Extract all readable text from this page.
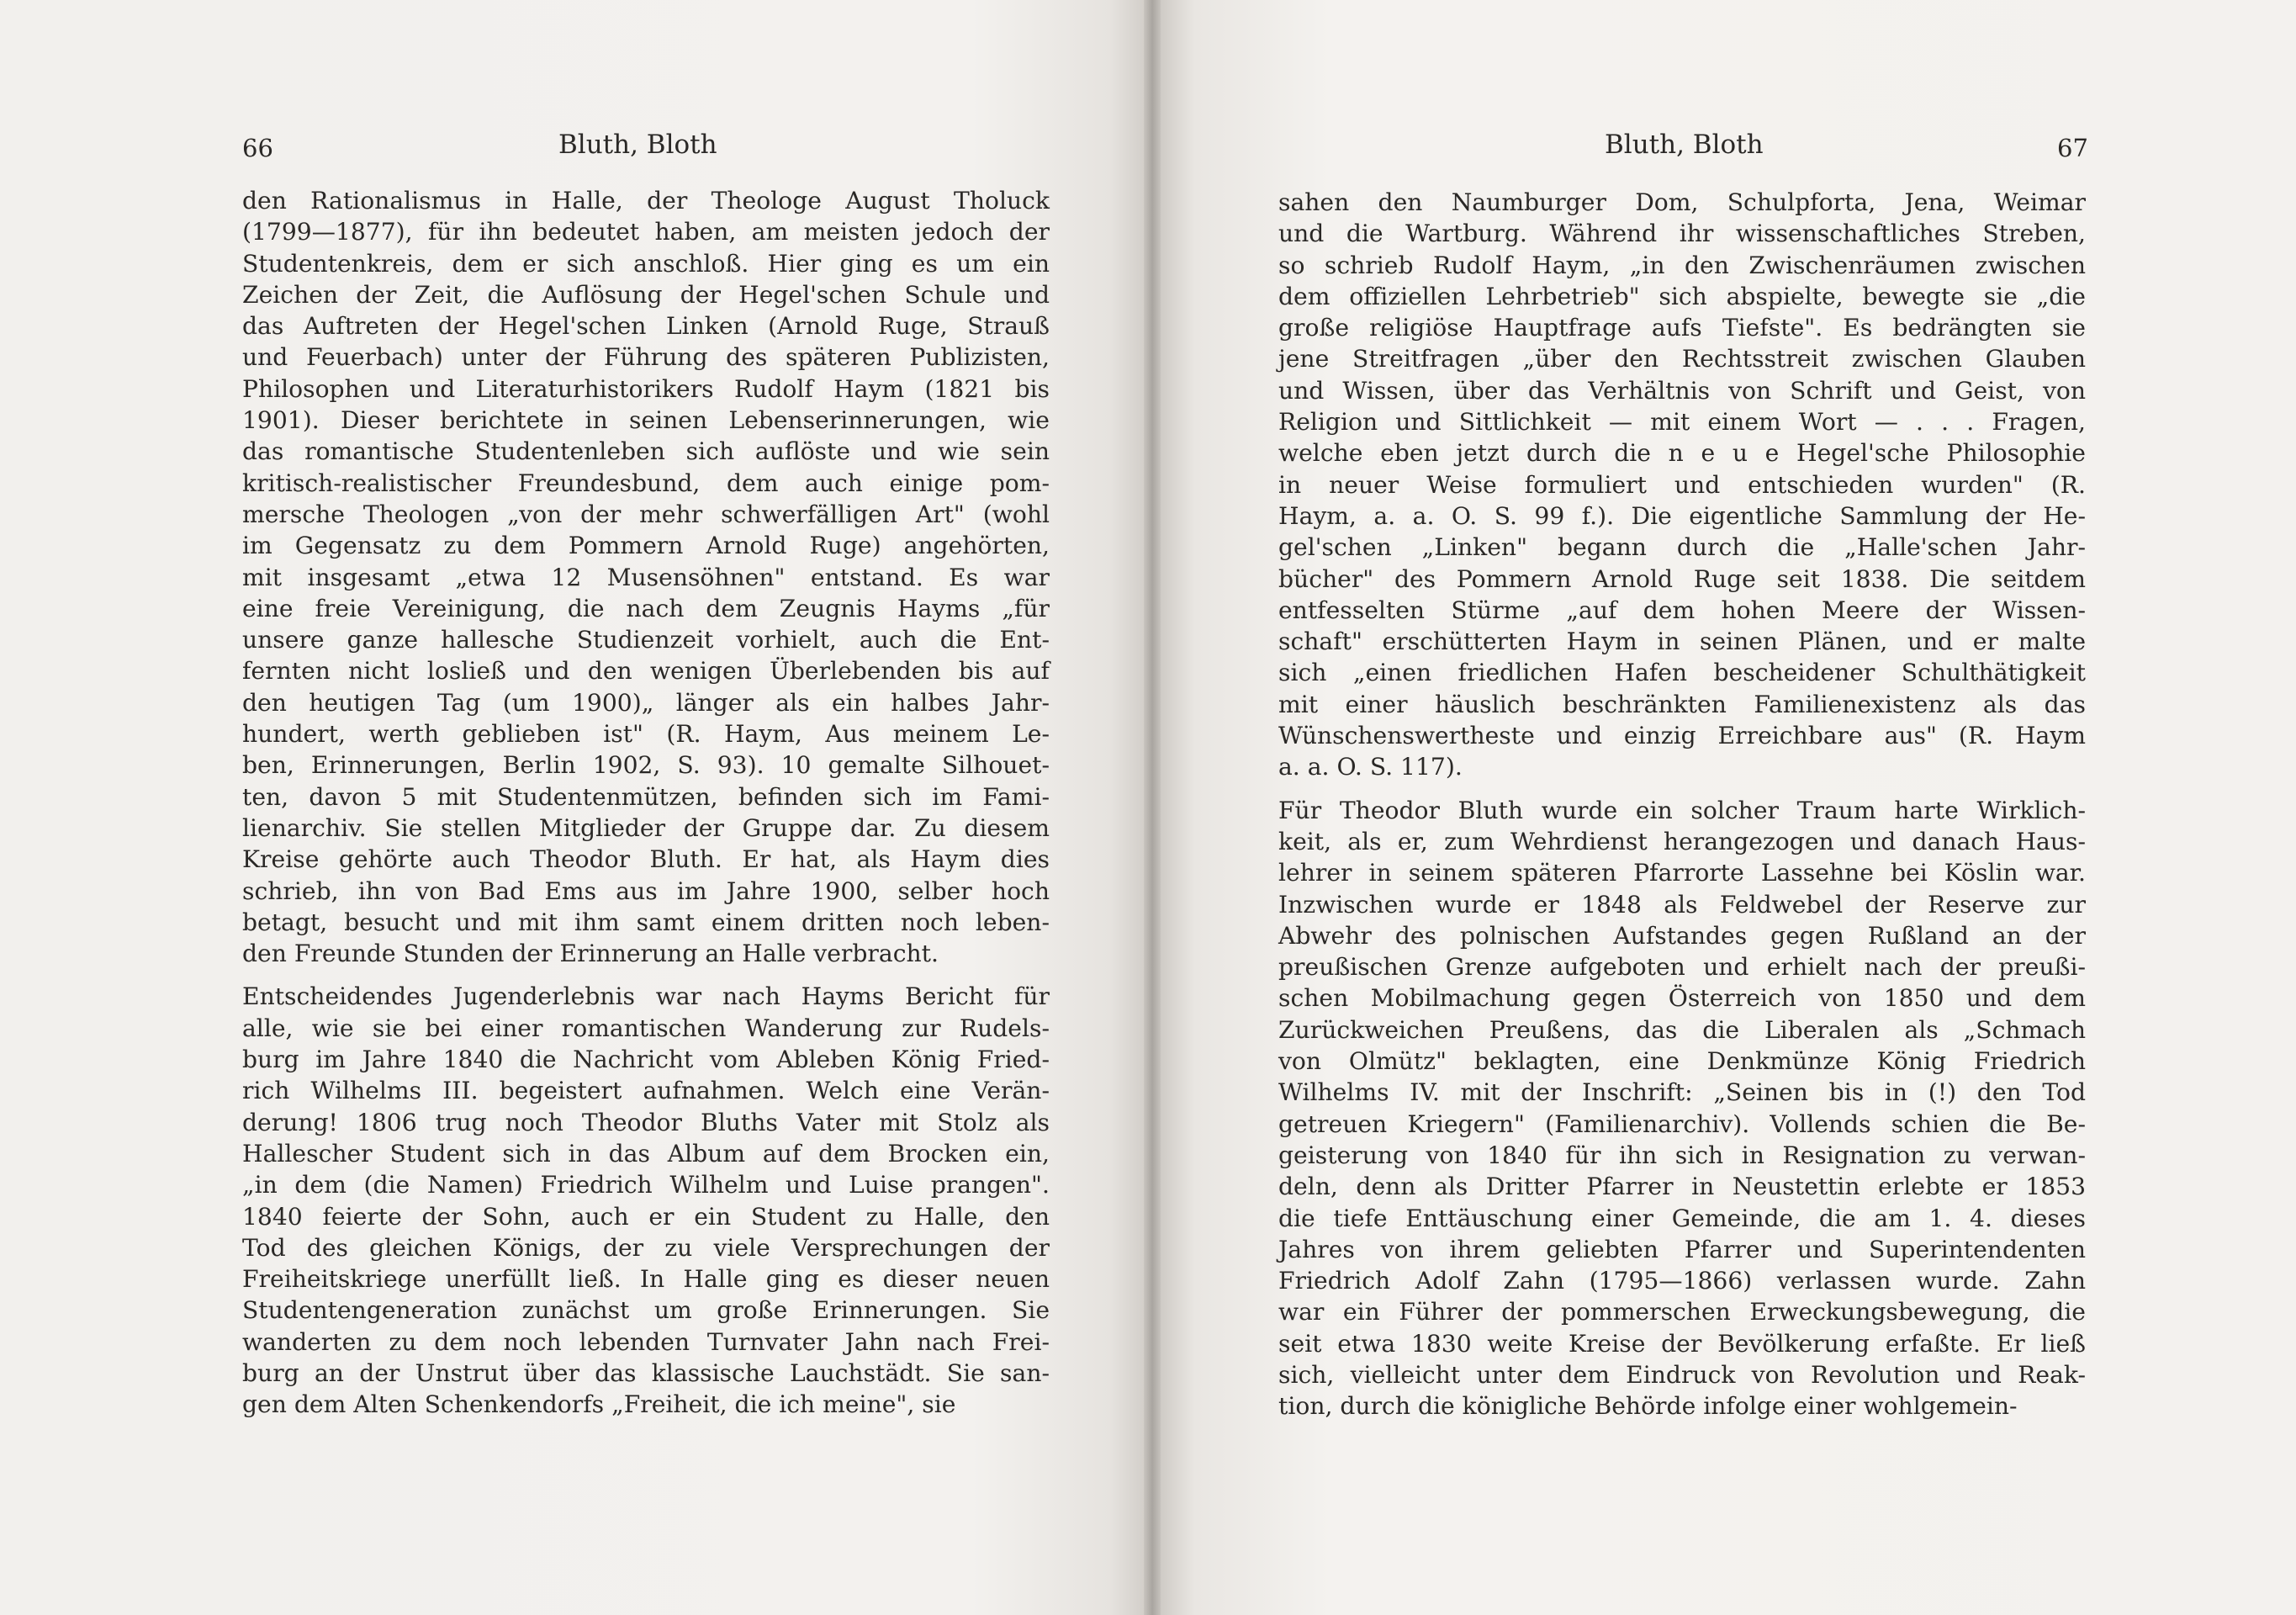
66	Bluth, Bloth
den Rationalismus in Halle, der Theologe August Tholuck
(1799—1877), für ihn bedeutet haben, am meisten jedoch der
Studentenkreis, dem er sich anschloß. Hier ging es um ein
Zeichen der Zeit, die Auflösung der Hegel'schen Schule und
das Auftreten der Hegel'schen Linken (Arnold Ruge, Strauß
und Feuerbach) unter der Führung des späteren Publizisten,
Philosophen und Literaturhistorikers Rudolf Haym (1821 bis
1901). Dieser berichtete in seinen Lebenserinnerungen, wie
das romantische Studentenleben sich auflöste und wie sein
kritisch-realistischer Freundesbund, dem auch einige pom-
mersche Theologen „von der mehr schwerfälligen Art" (wohl
im Gegensatz zu dem Pommern Arnold Ruge) angehörten,
mit insgesamt „etwa 12 Musensöhnen" entstand. Es war
eine freie Vereinigung, die nach dem Zeugnis Hayms „für
unsere ganze hallesche Studienzeit vorhielt, auch die Ent-
fernten nicht losließ und den wenigen Überlebenden bis auf
den heutigen Tag (um 1900)„ länger als ein halbes Jahr-
hundert, werth geblieben ist" (R. Haym, Aus meinem Le-
ben, Erinnerungen, Berlin 1902, S. 93). 10 gemalte Silhouet-
ten, davon 5 mit Studentenmützen, befinden sich im Fami-
lienarchiv. Sie stellen Mitglieder der Gruppe dar. Zu diesem
Kreise gehörte auch Theodor Bluth. Er hat, als Haym dies
schrieb, ihn von Bad Ems aus im Jahre 1900, selber hoch
betagt, besucht und mit ihm samt einem dritten noch leben-
den Freunde Stunden der Erinnerung an Halle verbracht.
Entscheidendes Jugenderlebnis war nach Hayms Bericht für
alle, wie sie bei einer romantischen Wanderung zur Rudels-
burg im Jahre 1840 die Nachricht vom Ableben König Fried-
rich Wilhelms III. begeistert aufnahmen. Welch eine Verän-
derung! 1806 trug noch Theodor Bluths Vater mit Stolz als
Hallescher Student sich in das Album auf dem Brocken ein,
„in dem (die Namen) Friedrich Wilhelm und Luise prangen".
1840 feierte der Sohn, auch er ein Student zu Halle, den
Tod des gleichen Königs, der zu viele Versprechungen der
Freiheitskriege unerfüllt ließ. In Halle ging es dieser neuen
Studentengeneration zunächst um große Erinnerungen. Sie
wanderten zu dem noch lebenden Turnvater Jahn nach Frei-
burg an der Unstrut über das klassische Lauchstädt. Sie san-
gen dem Alten Schenkendorfs „Freiheit, die ich meine", sie
Bluth, Bloth	67
sahen den Naumburger Dom, Schulpforta, Jena, Weimar
und die Wartburg. Während ihr wissenschaftliches Streben,
so schrieb Rudolf Haym, „in den Zwischenräumen zwischen
dem offiziellen Lehrbetrieb" sich abspielte, bewegte sie „die
große religiöse Hauptfrage aufs Tiefste". Es bedrängten sie
jene Streitfragen „über den Rechtsstreit zwischen Glauben
und Wissen, über das Verhältnis von Schrift und Geist, von
Religion und Sittlichkeit — mit einem Wort — . . . Fragen,
welche eben jetzt durch die n e u e Hegel'sche Philosophie
in neuer Weise formuliert und entschieden wurden" (R.
Haym, a. a. O. S. 99 f.). Die eigentliche Sammlung der He-
gel'schen „Linken" begann durch die „Halle'schen Jahr-
bücher" des Pommern Arnold Ruge seit 1838. Die seitdem
entfesselten Stürme „auf dem hohen Meere der Wissen-
schaft" erschütterten Haym in seinen Plänen, und er malte
sich „einen friedlichen Hafen bescheidener Schulthätigkeit
mit einer häuslich beschränkten Familienexistenz als das
Wünschenswertheste und einzig Erreichbare aus" (R. Haym
a. a. O. S. 117).
Für Theodor Bluth wurde ein solcher Traum harte Wirklich-
keit, als er, zum Wehrdienst herangezogen und danach Haus-
lehrer in seinem späteren Pfarrorte Lassehne bei Köslin war.
Inzwischen wurde er 1848 als Feldwebel der Reserve zur
Abwehr des polnischen Aufstandes gegen Rußland an der
preußischen Grenze aufgeboten und erhielt nach der preußi-
schen Mobilmachung gegen Österreich von 1850 und dem
Zurückweichen Preußens, das die Liberalen als „Schmach
von Olmütz" beklagten, eine Denkmünze König Friedrich
Wilhelms IV. mit der Inschrift: „Seinen bis in (!) den Tod
getreuen Kriegern" (Familienarchiv). Vollends schien die Be-
geisterung von 1840 für ihn sich in Resignation zu verwan-
deln, denn als Dritter Pfarrer in Neustettin erlebte er 1853
die tiefe Enttäuschung einer Gemeinde, die am 1. 4. dieses
Jahres von ihrem geliebten Pfarrer und Superintendenten
Friedrich Adolf Zahn (1795—1866) verlassen wurde. Zahn
war ein Führer der pommerschen Erweckungsbewegung, die
seit etwa 1830 weite Kreise der Bevölkerung erfaßte. Er ließ
sich, vielleicht unter dem Eindruck von Revolution und Reak-
tion, durch die königliche Behörde infolge einer wohlgemein-
